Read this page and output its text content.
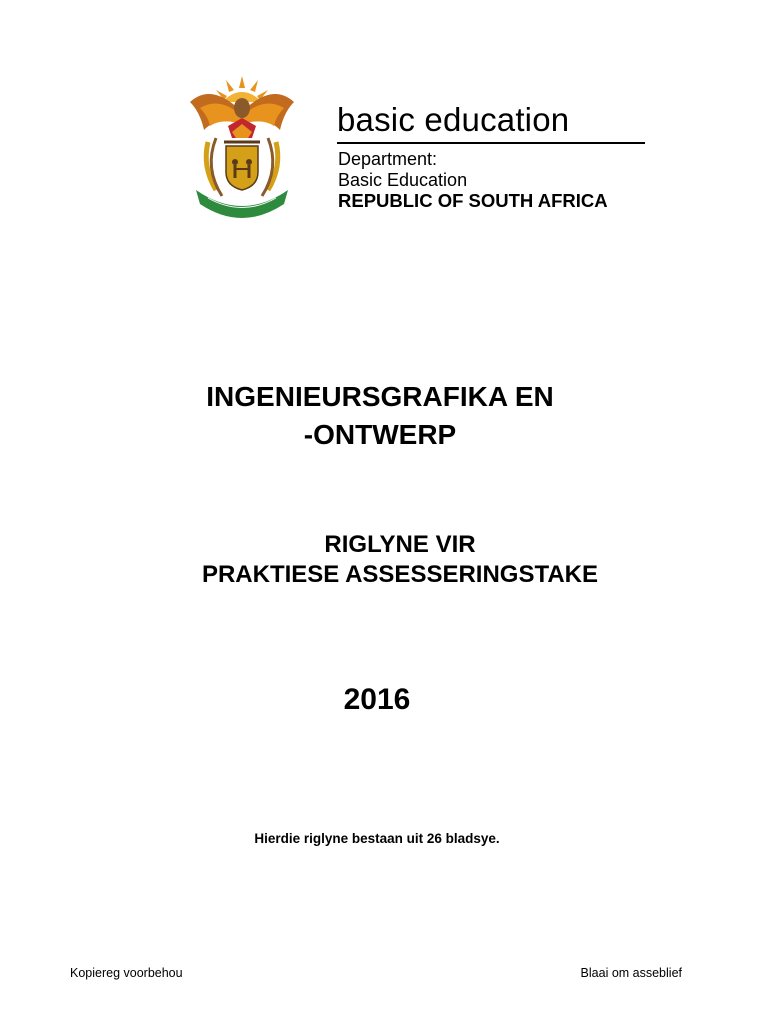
basic education
Department:
Basic Education
REPUBLIC OF SOUTH AFRICA
INGENIEURSGRAFIKA EN
-ONTWERP
RIGLYNE VIR
PRAKTIESE ASSESSERINGSTAKE
2016
Hierdie riglyne bestaan uit 26 bladsye.
Kopiereg voorbehou	Blaai om asseblief
